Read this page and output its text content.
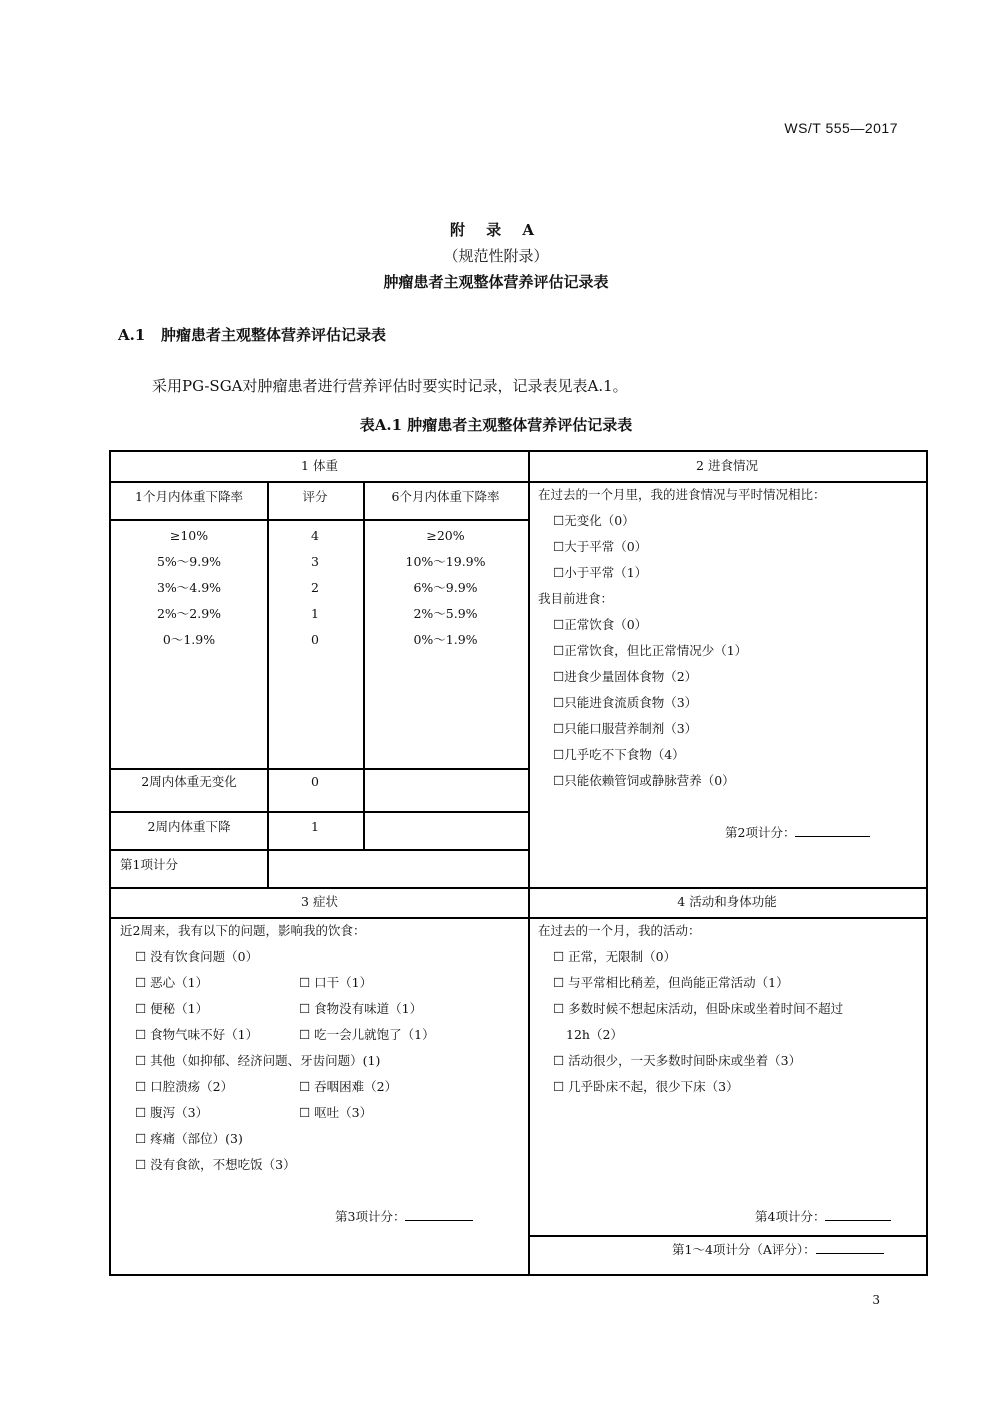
WS/T 555—2017
附 录 A
（规范性附录）
肿瘤患者主观整体营养评估记录表
A.1 肿瘤患者主观整体营养评估记录表
采用PG-SGA对肿瘤患者进行营养评估时要实时记录，记录表见表A.1。
表A.1 肿瘤患者主观整体营养评估记录表
1 体重
1个月内体重下降率	评分	6个月内体重下降率
≥10%	4	≥20%
5%～9.9%	3	10%～19.9%
3%～4.9%	2	6%～9.9%
2%～2.9%	1	2%～5.9%
0～1.9%	0	0%～1.9%
2周内体重无变化	0
2周内体重下降	1
第1项计分
2 进食情况
在过去的一个月里，我的进食情况与平时情况相比：
☐无变化（0）
☐大于平常（0）
☐小于平常（1）
我目前进食：
☐正常饮食（0）
☐正常饮食，但比正常情况少（1）
☐进食少量固体食物（2）
☐只能进食流质食物（3）
☐只能口服营养制剂（3）
☐几乎吃不下食物（4）
☐只能依赖管饲或静脉营养（0）
第2项计分：
3 症状
近2周来，我有以下的问题，影响我的饮食：
☐ 没有饮食问题（0）
☐ 恶心（1）	☐ 口干（1）
☐ 便秘（1）	☐ 食物没有味道（1）
☐ 食物气味不好（1）	☐ 吃一会儿就饱了（1）
☐ 其他（如抑郁、经济问题、牙齿问题）(1)
☐ 口腔溃疡（2）	☐ 吞咽困难（2）
☐ 腹泻（3）	☐ 呕吐（3）
☐ 疼痛（部位）(3)
☐ 没有食欲，不想吃饭（3）
第3项计分：
4 活动和身体功能
在过去的一个月，我的活动：
☐ 正常，无限制（0）
☐ 与平常相比稍差，但尚能正常活动（1）
☐ 多数时候不想起床活动，但卧床或坐着时间不超过
12h（2）
☐ 活动很少，一天多数时间卧床或坐着（3）
☐ 几乎卧床不起，很少下床（3）
第4项计分：
第1～4项计分（A评分）：
3
